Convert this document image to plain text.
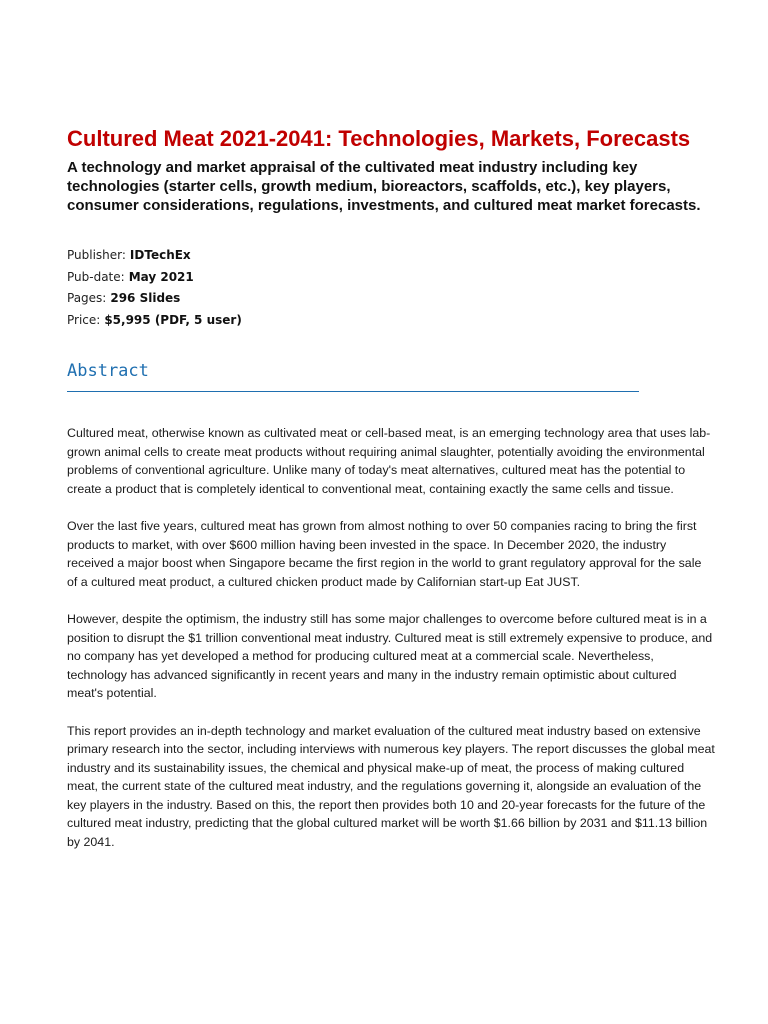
Cultured Meat 2021-2041: Technologies, Markets, Forecasts

A technology and market appraisal of the cultivated meat industry including key technologies (starter cells, growth medium, bioreactors, scaffolds, etc.), key players, consumer considerations, regulations, investments, and cultured meat market forecasts.

Publisher: IDTechEx
Pub-date: May 2021
Pages: 296 Slides
Price: $5,995 (PDF, 5 user)
Abstract

Cultured meat, otherwise known as cultivated meat or cell-based meat, is an emerging technology area that uses lab-grown animal cells to create meat products without requiring animal slaughter, potentially avoiding the environmental problems of conventional agriculture. Unlike many of today's meat alternatives, cultured meat has the potential to create a product that is completely identical to conventional meat, containing exactly the same cells and tissue.

Over the last five years, cultured meat has grown from almost nothing to over 50 companies racing to bring the first products to market, with over $600 million having been invested in the space. In December 2020, the industry received a major boost when Singapore became the first region in the world to grant regulatory approval for the sale of a cultured meat product, a cultured chicken product made by Californian start-up Eat JUST.

However, despite the optimism, the industry still has some major challenges to overcome before cultured meat is in a position to disrupt the $1 trillion conventional meat industry. Cultured meat is still extremely expensive to produce, and no company has yet developed a method for producing cultured meat at a commercial scale. Nevertheless, technology has advanced significantly in recent years and many in the industry remain optimistic about cultured meat's potential.

This report provides an in-depth technology and market evaluation of the cultured meat industry based on extensive primary research into the sector, including interviews with numerous key players. The report discusses the global meat industry and its sustainability issues, the chemical and physical make-up of meat, the process of making cultured meat, the current state of the cultured meat industry, and the regulations governing it, alongside an evaluation of the key players in the industry. Based on this, the report then provides both 10 and 20-year forecasts for the future of the cultured meat industry, predicting that the global cultured market will be worth $1.66 billion by 2031 and $11.13 billion by 2041.
